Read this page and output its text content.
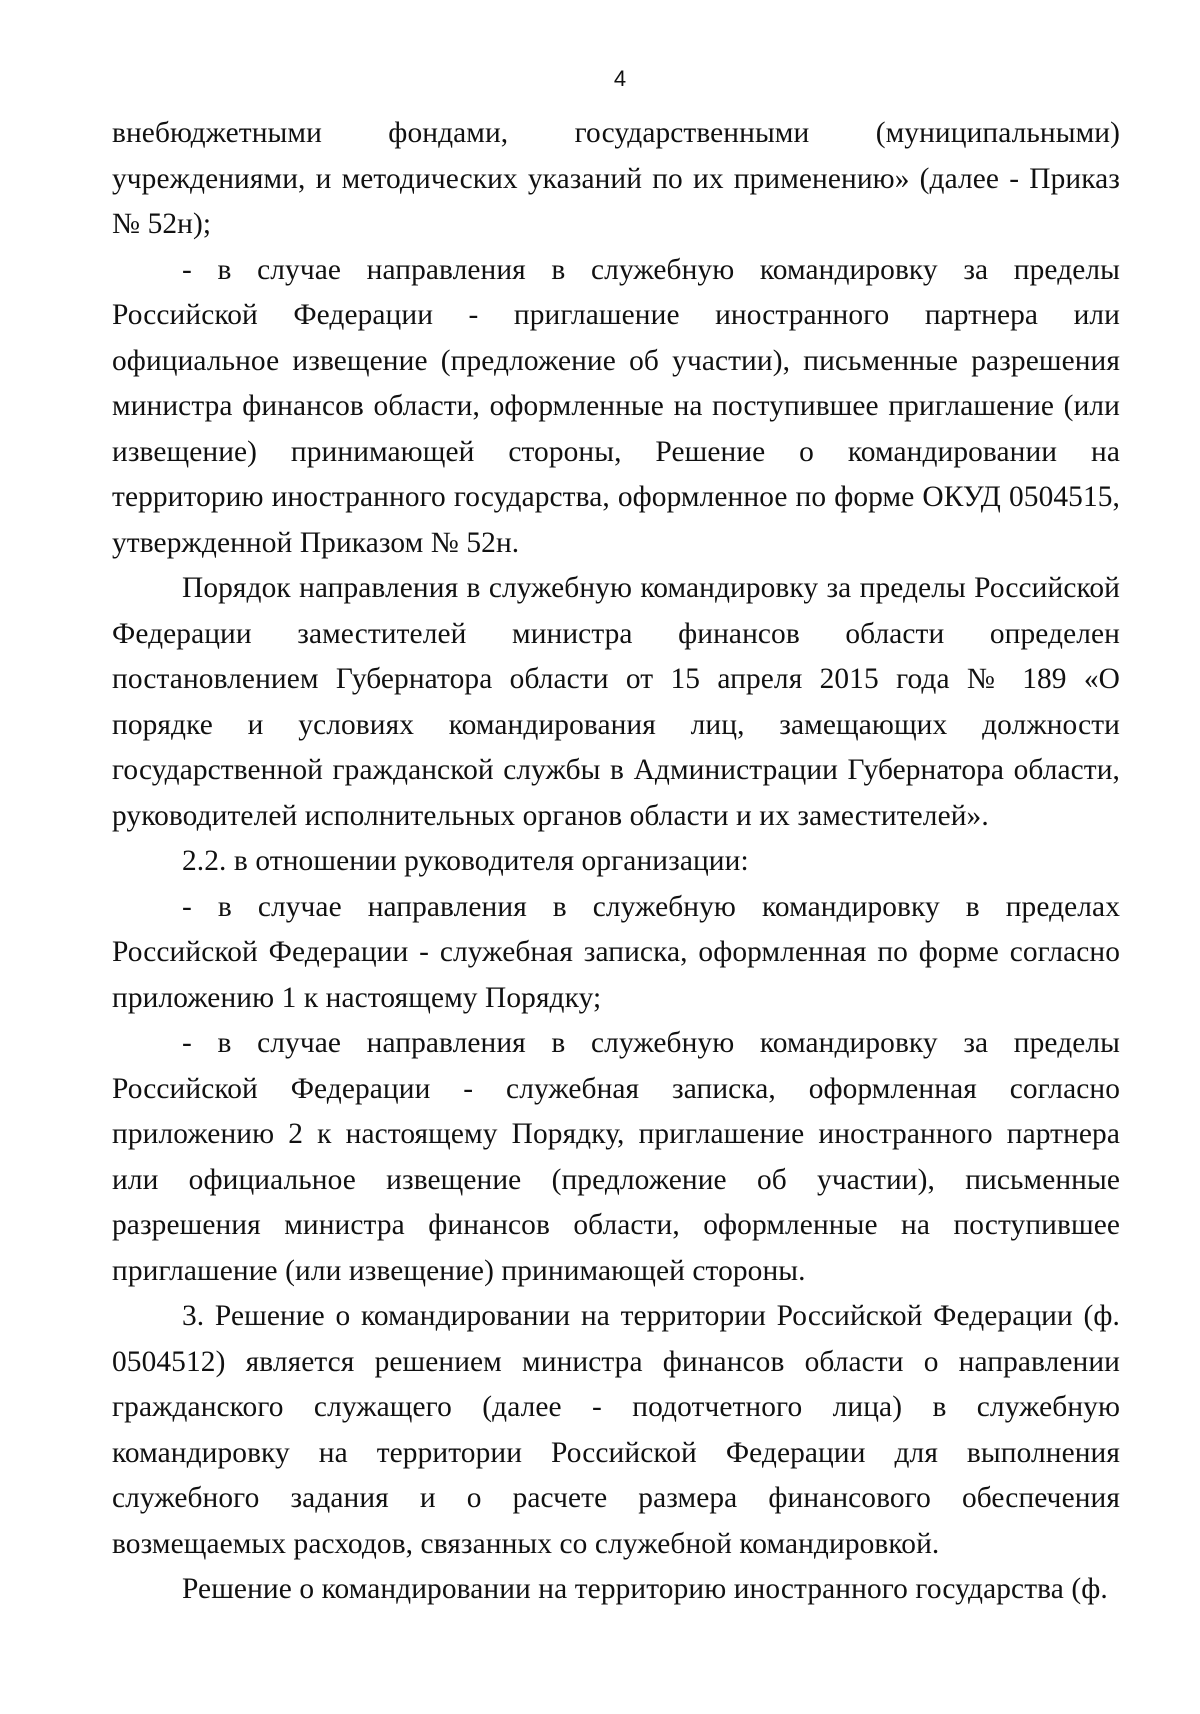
4

внебюджетными фондами, государственными (муниципальными) учреждениями, и методических указаний по их применению» (далее - Приказ № 52н);

- в случае направления в служебную командировку за пределы Российской Федерации - приглашение иностранного партнера или официальное извещение (предложение об участии), письменные разрешения министра финансов области, оформленные на поступившее приглашение (или извещение) принимающей стороны, Решение о командировании на территорию иностранного государства, оформленное по форме ОКУД 0504515, утвержденной Приказом № 52н.

Порядок направления в служебную командировку за пределы Российской Федерации заместителей министра финансов области определен постановлением Губернатора области от 15 апреля 2015 года № 189 «О порядке и условиях командирования лиц, замещающих должности государственной гражданской службы в Администрации Губернатора области, руководителей исполнительных органов области и их заместителей».

2.2. в отношении руководителя организации:

- в случае направления в служебную командировку в пределах Российской Федерации - служебная записка, оформленная по форме согласно приложению 1 к настоящему Порядку;

- в случае направления в служебную командировку за пределы Российской Федерации - служебная записка, оформленная согласно приложению 2 к настоящему Порядку, приглашение иностранного партнера или официальное извещение (предложение об участии), письменные разрешения министра финансов области, оформленные на поступившее приглашение (или извещение) принимающей стороны.

3. Решение о командировании на территории Российской Федерации (ф. 0504512) является решением министра финансов области о направлении гражданского служащего (далее - подотчетного лица) в служебную командировку на территории Российской Федерации для выполнения служебного задания и о расчете размера финансового обеспечения возмещаемых расходов, связанных со служебной командировкой.

Решение о командировании на территорию иностранного государства (ф.
